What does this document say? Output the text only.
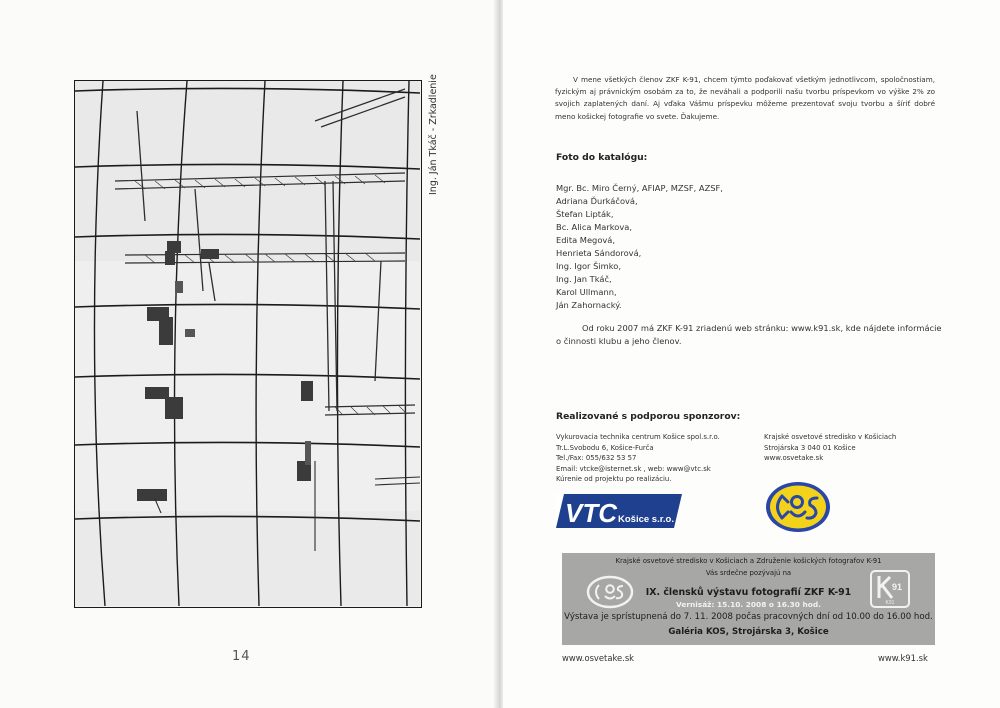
Ing. Ján Tkáč - Zrkadlenie
14

V mene všetkých členov ZKF K-91, chcem týmto poďakovať všetkým jednotlivcom, spoločnostiam, fyzickým aj právnickým osobám za to, že neváhali a podporili našu tvorbu príspevkom vo výške 2% zo svojich zaplatených daní. Aj vďaka Vášmu príspevku môžeme prezentovať svoju tvorbu a šíriť dobré meno košickej fotografie vo svete. Ďakujeme.

Foto do katalógu:
Mgr. Bc. Miro Černý, AFIAP, MZSF, AZSF,
Adriana Ďurkáčová,
Štefan Lipták,
Bc. Alica Markova,
Edita Megová,
Henrieta Sándorová,
Ing. Igor Šimko,
Ing. Jan Tkáč,
Karol Ullmann,
Ján Zahornacký.

Od roku 2007 má ZKF K-91 zriadenú web stránku: www.k91.sk, kde nájdete informácie o činnosti klubu a jeho členov.

Realizované s podporou sponzorov:
Vykurovacia technika centrum Košice spol.s.r.o.
Tr.L.Svobodu 6, Košice-Furča
Tel./Fax: 055/632 53 57
Email: vtcke@isternet.sk , web: www@vtc.sk
Kúrenie od projektu po realizáciu.
Krajské osvetové stredisko v Košiciach
Strojárska 3 040 01 Košice
www.osvetake.sk
VTC Košice s.r.o.
Krajské osvetové stredisko v Košiciach a Združenie košických fotografov K-91
Vás srdečne pozývajú na
IX. člensků výstavu fotografií ZKF K-91
Vernisáž: 15.10. 2008 o 16.30 hod.
91
K91
Výstava je sprístupnená do 7. 11. 2008 počas pracovných dní od 10.00 do 16.00 hod.
Galéria KOS, Strojárska 3, Košice
www.osvetake.sk	www.k91.sk
